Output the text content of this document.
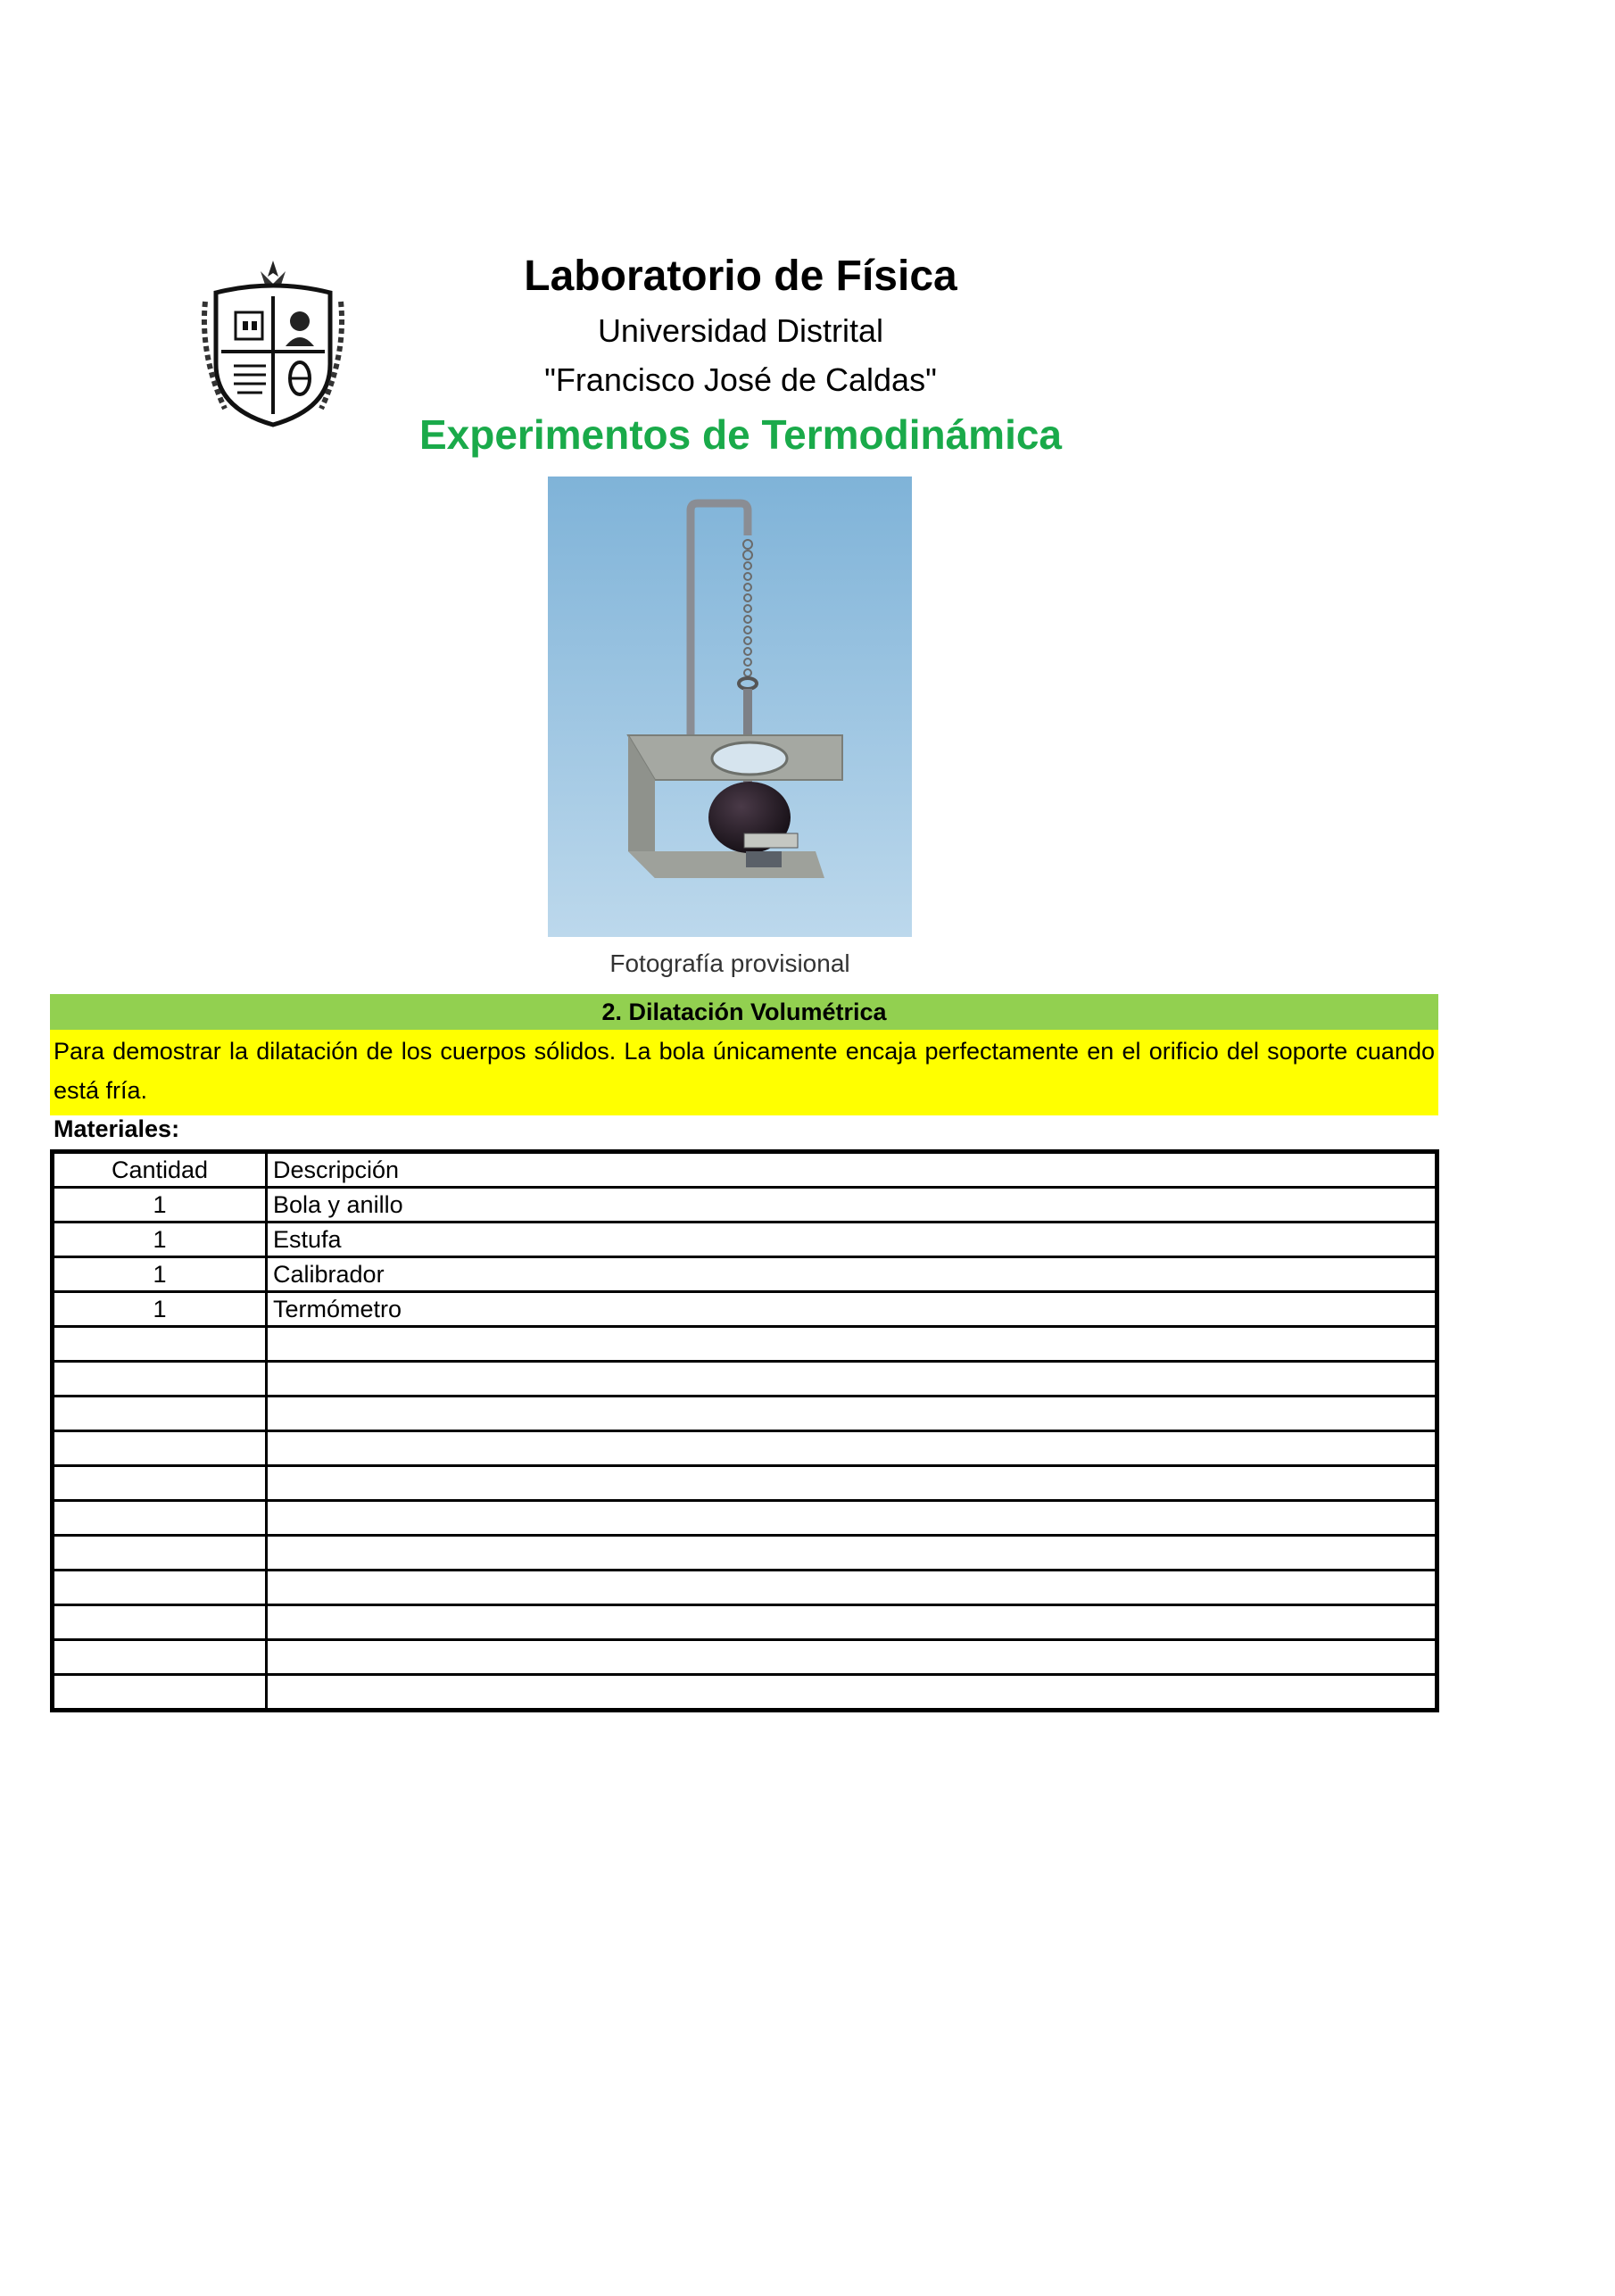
Laboratorio de Física
Universidad Distrital
"Francisco José de Caldas"
Experimentos de Termodinámica
Fotografía provisional
2. Dilatación Volumétrica
Para demostrar la dilatación de los cuerpos sólidos. La bola únicamente encaja perfectamente en el orificio del soporte cuando está fría.
Materiales:
Cantidad	Descripción
1	Bola y anillo
1	Estufa
1	Calibrador
1	Termómetro
